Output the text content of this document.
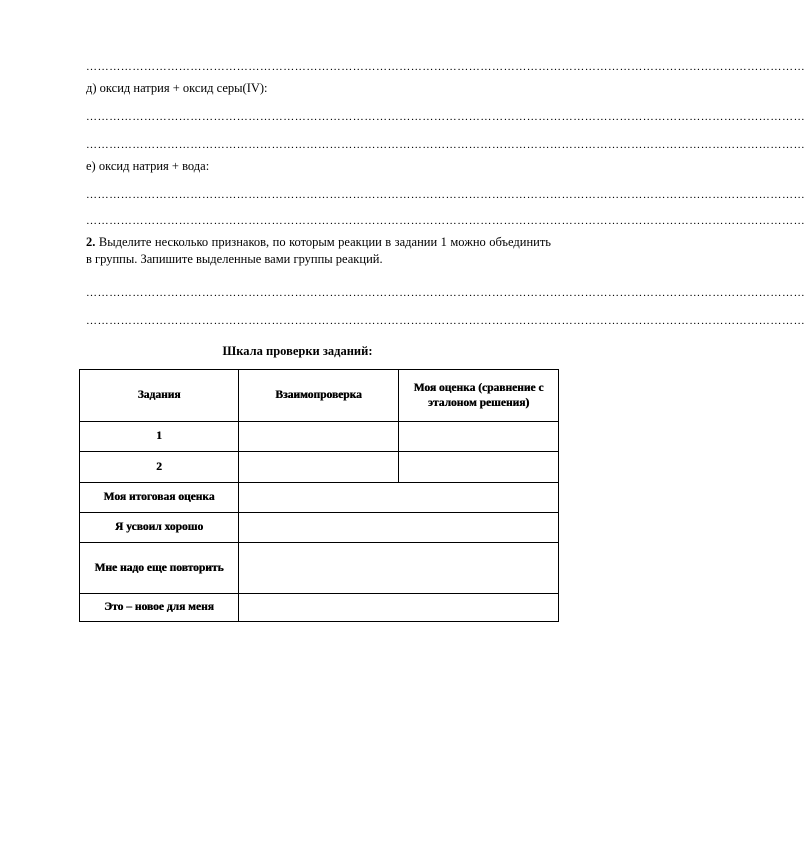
……………………………………………………………………………………………………………………………………………………………………
д) оксид натрия + оксид серы(IV):
……………………………………………………………………………………………………………………………………………………………………
……………………………………………………………………………………………………………………………………………………………………
е) оксид натрия + вода:
……………………………………………………………………………………………………………………………………………………………………
……………………………………………………………………………………………………………………………………………………………………
2. Выделите несколько признаков, по которым реакции в задании 1 можно объединить в группы. Запишите выделенные вами группы реакций.
……………………………………………………………………………………………………………………………………………………………………
……………………………………………………………………………………………………………………………………………………………………
Шкала проверки заданий:
Задания	Взаимопроверка	Моя оценка (сравнение с эталоном решения)
1		
2		
Моя итоговая оценка		
Я усвоил хорошо		
Мне надо еще повторить		
Это – новое для меня		
